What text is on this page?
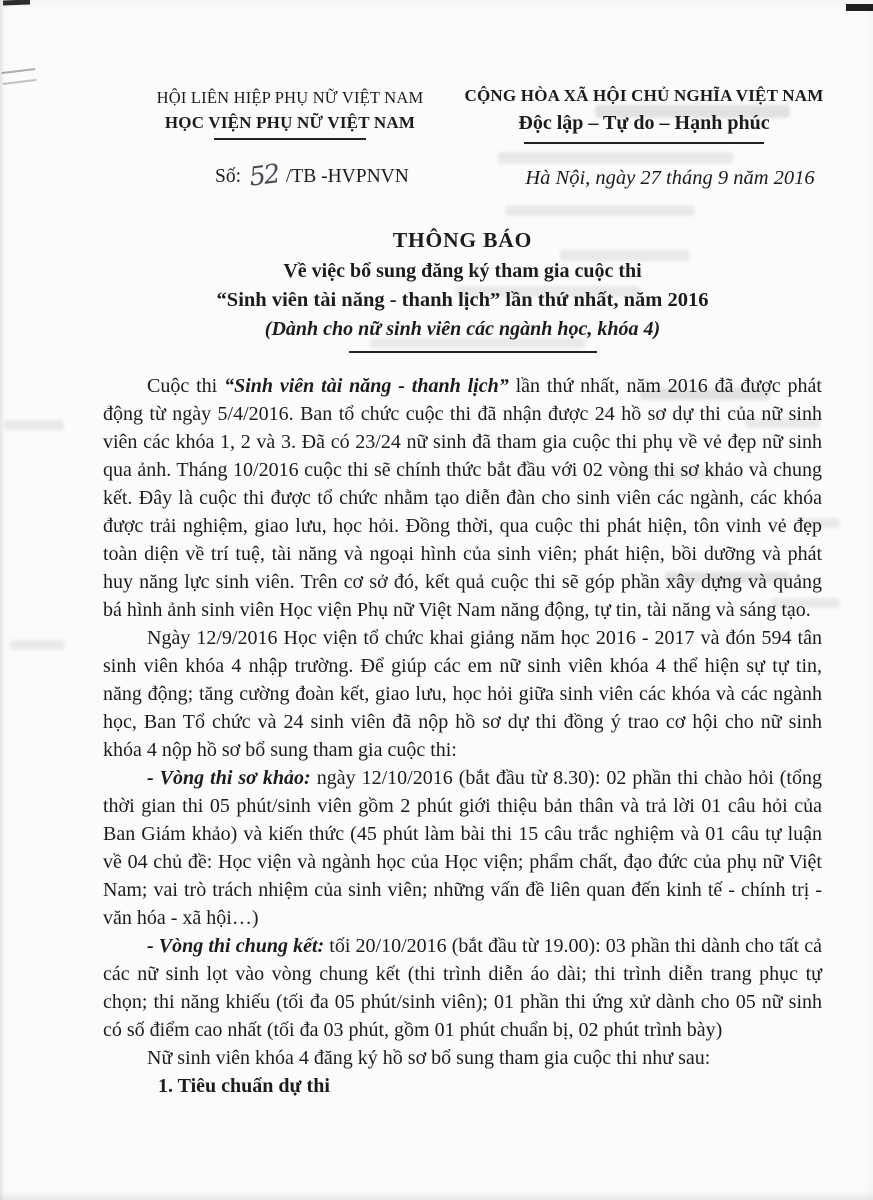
HỘI LIÊN HIỆP PHỤ NỮ VIỆT NAM
HỌC VIỆN PHỤ NỮ VIỆT NAM
CỘNG HÒA XÃ HỘI CHỦ NGHĨA VIỆT NAM
Độc lập – Tự do – Hạnh phúc
Hà Nội, ngày 27 tháng 9 năm 2016
Số: 52 /TB -HVPNVN
THÔNG BÁO
Về việc bổ sung đăng ký tham gia cuộc thi
“Sinh viên tài năng - thanh lịch” lần thứ nhất, năm 2016
(Dành cho nữ sinh viên các ngành học, khóa 4)

Cuộc thi “Sinh viên tài năng - thanh lịch” lần thứ nhất, năm 2016 đã được phát động từ ngày 5/4/2016. Ban tổ chức cuộc thi đã nhận được 24 hồ sơ dự thi của nữ sinh viên các khóa 1, 2 và 3. Đã có 23/24 nữ sinh đã tham gia cuộc thi phụ về vẻ đẹp nữ sinh qua ảnh. Tháng 10/2016 cuộc thi sẽ chính thức bắt đầu với 02 vòng thi sơ khảo và chung kết. Đây là cuộc thi được tổ chức nhằm tạo diễn đàn cho sinh viên các ngành, các khóa được trải nghiệm, giao lưu, học hỏi. Đồng thời, qua cuộc thi phát hiện, tôn vinh vẻ đẹp toàn diện về trí tuệ, tài năng và ngoại hình của sinh viên; phát hiện, bồi dưỡng và phát huy năng lực sinh viên. Trên cơ sở đó, kết quả cuộc thi sẽ góp phần xây dựng và quảng bá hình ảnh sinh viên Học viện Phụ nữ Việt Nam năng động, tự tin, tài năng và sáng tạo.

Ngày 12/9/2016 Học viện tổ chức khai giảng năm học 2016 - 2017 và đón 594 tân sinh viên khóa 4 nhập trường. Để giúp các em nữ sinh viên khóa 4 thể hiện sự tự tin, năng động; tăng cường đoàn kết, giao lưu, học hỏi giữa sinh viên các khóa và các ngành học, Ban Tổ chức và 24 sinh viên đã nộp hồ sơ dự thi đồng ý trao cơ hội cho nữ sinh khóa 4 nộp hồ sơ bổ sung tham gia cuộc thi:

- Vòng thi sơ khảo: ngày 12/10/2016 (bắt đầu từ 8.30): 02 phần thi chào hỏi (tổng thời gian thi 05 phút/sinh viên gồm 2 phút giới thiệu bản thân và trả lời 01 câu hỏi của Ban Giám khảo) và kiến thức (45 phút làm bài thi 15 câu trắc nghiệm và 01 câu tự luận về 04 chủ đề: Học viện và ngành học của Học viện; phẩm chất, đạo đức của phụ nữ Việt Nam; vai trò trách nhiệm của sinh viên; những vấn đề liên quan đến kinh tế - chính trị - văn hóa - xã hội…)

- Vòng thi chung kết: tối 20/10/2016 (bắt đầu từ 19.00): 03 phần thi dành cho tất cả các nữ sinh lọt vào vòng chung kết (thi trình diễn áo dài; thi trình diễn trang phục tự chọn; thi năng khiếu (tối đa 05 phút/sinh viên); 01 phần thi ứng xử dành cho 05 nữ sinh có số điểm cao nhất (tối đa 03 phút, gồm 01 phút chuẩn bị, 02 phút trình bày)

Nữ sinh viên khóa 4 đăng ký hồ sơ bổ sung tham gia cuộc thi như sau:

1. Tiêu chuẩn dự thi
